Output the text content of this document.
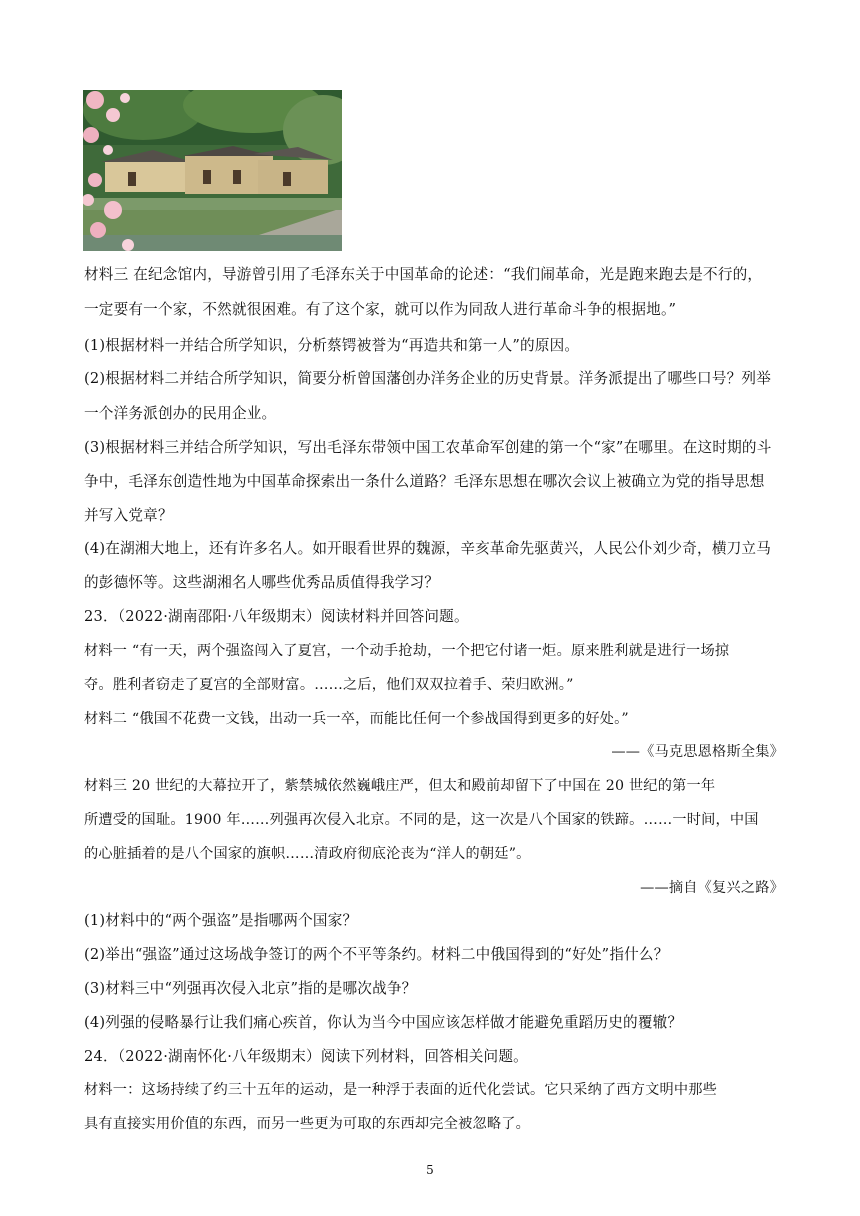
材料三 在纪念馆内，导游曾引用了毛泽东关于中国革命的论述：“我们闹革命，光是跑来跑去是不行的，
一定要有一个家，不然就很困难。有了这个家，就可以作为同敌人进行革命斗争的根据地。”
(1)根据材料一并结合所学知识，分析蔡锷被誉为“再造共和第一人”的原因。
(2)根据材料二并结合所学知识，简要分析曾国藩创办洋务企业的历史背景。洋务派提出了哪些口号？列举
一个洋务派创办的民用企业。
(3)根据材料三并结合所学知识，写出毛泽东带领中国工农革命军创建的第一个“家”在哪里。在这时期的斗
争中，毛泽东创造性地为中国革命探索出一条什么道路？毛泽东思想在哪次会议上被确立为党的指导思想
并写入党章？
(4)在湖湘大地上，还有许多名人。如开眼看世界的魏源，辛亥革命先驱黄兴，人民公仆刘少奇，横刀立马
的彭德怀等。这些湖湘名人哪些优秀品质值得我学习？
23．（2022·湖南邵阳·八年级期末）阅读材料并回答问题。
材料一 “有一天，两个强盗闯入了夏宫，一个动手抢劫，一个把它付诸一炬。原来胜利就是进行一场掠
夺。胜利者窃走了夏宫的全部财富。……之后，他们双双拉着手、荣归欧洲。”
材料二 “俄国不花费一文钱，出动一兵一卒，而能比任何一个参战国得到更多的好处。”
——《马克思恩格斯全集》
材料三 20 世纪的大幕拉开了，紫禁城依然巍峨庄严，但太和殿前却留下了中国在 20 世纪的第一年
所遭受的国耻。1900 年……列强再次侵入北京。不同的是，这一次是八个国家的铁蹄。……一时间，中国
的心脏插着的是八个国家的旗帜……清政府彻底沦丧为“洋人的朝廷”。
——摘自《复兴之路》
(1)材料中的“两个强盗”是指哪两个国家？
(2)举出“强盗”通过这场战争签订的两个不平等条约。材料二中俄国得到的“好处”指什么？
(3)材料三中“列强再次侵入北京”指的是哪次战争？
(4)列强的侵略暴行让我们痛心疾首，你认为当今中国应该怎样做才能避免重蹈历史的覆辙？
24．（2022·湖南怀化·八年级期末）阅读下列材料，回答相关问题。
材料一：这场持续了约三十五年的运动，是一种浮于表面的近代化尝试。它只采纳了西方文明中那些
具有直接实用价值的东西，而另一些更为可取的东西却完全被忽略了。
5
